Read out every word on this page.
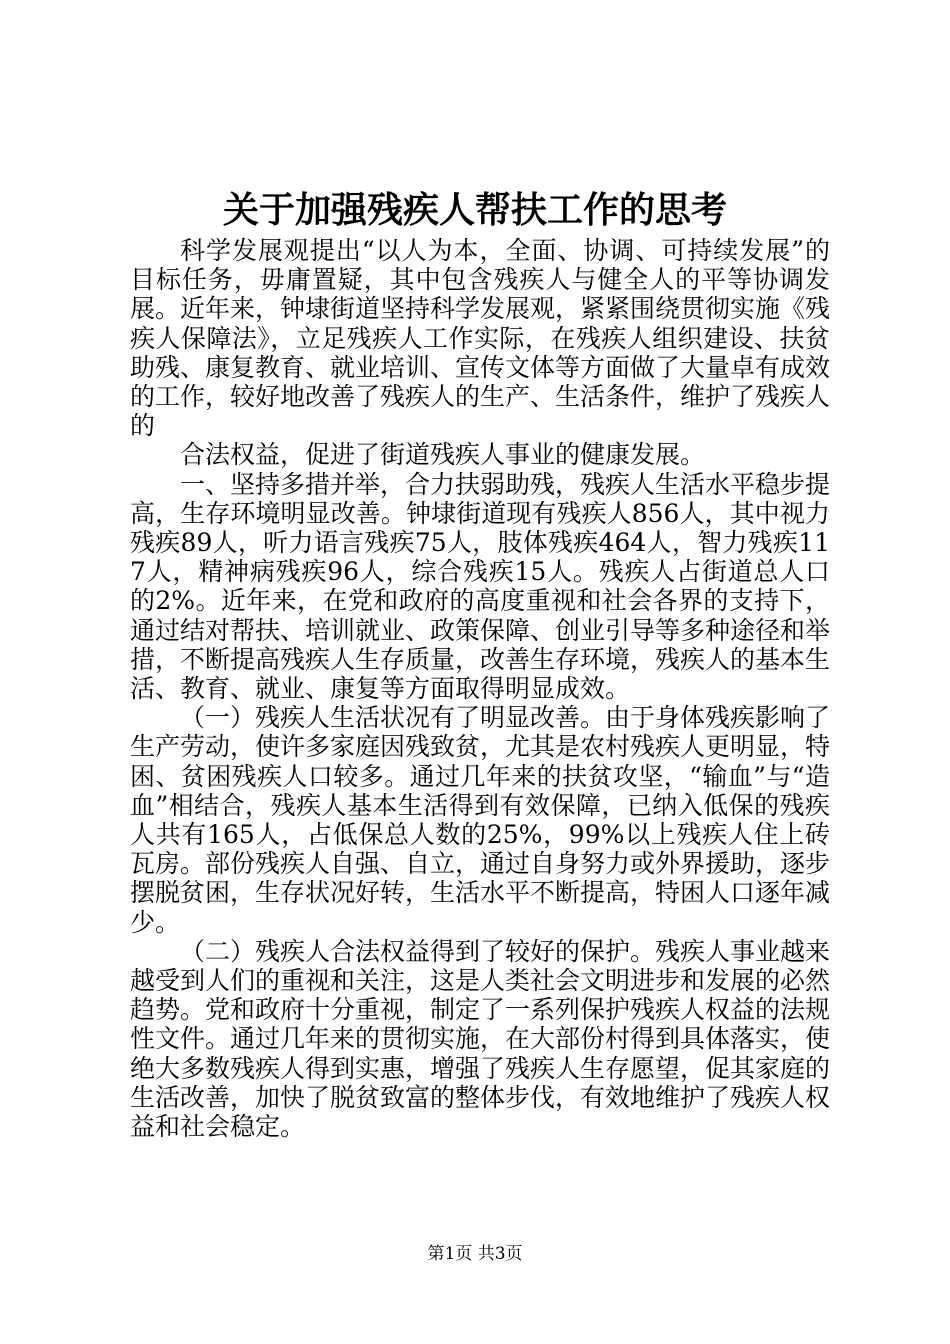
关于加强残疾人帮扶工作的思考

科学发展观提出“以人为本，全面、协调、可持续发展”的目标任务，毋庸置疑，其中包含残疾人与健全人的平等协调发展。近年来，钟埭街道坚持科学发展观，紧紧围绕贯彻实施《残疾人保障法》，立足残疾人工作实际，在残疾人组织建设、扶贫助残、康复教育、就业培训、宣传文体等方面做了大量卓有成效的工作，较好地改善了残疾人的生产、生活条件，维护了残疾人的

合法权益，促进了街道残疾人事业的健康发展。

一、坚持多措并举，合力扶弱助残，残疾人生活水平稳步提高，生存环境明显改善。钟埭街道现有残疾人856人，其中视力残疾89人，听力语言残疾75人，肢体残疾464人，智力残疾117人，精神病残疾96人，综合残疾15人。残疾人占街道总人口的2%。近年来，在党和政府的高度重视和社会各界的支持下，通过结对帮扶、培训就业、政策保障、创业引导等多种途径和举措，不断提高残疾人生存质量，改善生存环境，残疾人的基本生活、教育、就业、康复等方面取得明显成效。

（一）残疾人生活状况有了明显改善。由于身体残疾影响了生产劳动，使许多家庭因残致贫，尤其是农村残疾人更明显，特困、贫困残疾人口较多。通过几年来的扶贫攻坚，“输血”与“造血”相结合，残疾人基本生活得到有效保障，已纳入低保的残疾人共有165人，占低保总人数的25%，99%以上残疾人住上砖瓦房。部份残疾人自强、自立，通过自身努力或外界援助，逐步摆脱贫困，生存状况好转，生活水平不断提高，特困人口逐年减少。

（二）残疾人合法权益得到了较好的保护。残疾人事业越来越受到人们的重视和关注，这是人类社会文明进步和发展的必然趋势。党和政府十分重视，制定了一系列保护残疾人权益的法规性文件。通过几年来的贯彻实施，在大部份村得到具体落实，使绝大多数残疾人得到实惠，增强了残疾人生存愿望，促其家庭的生活改善，加快了脱贫致富的整体步伐，有效地维护了残疾人权益和社会稳定。

第1页 共3页
